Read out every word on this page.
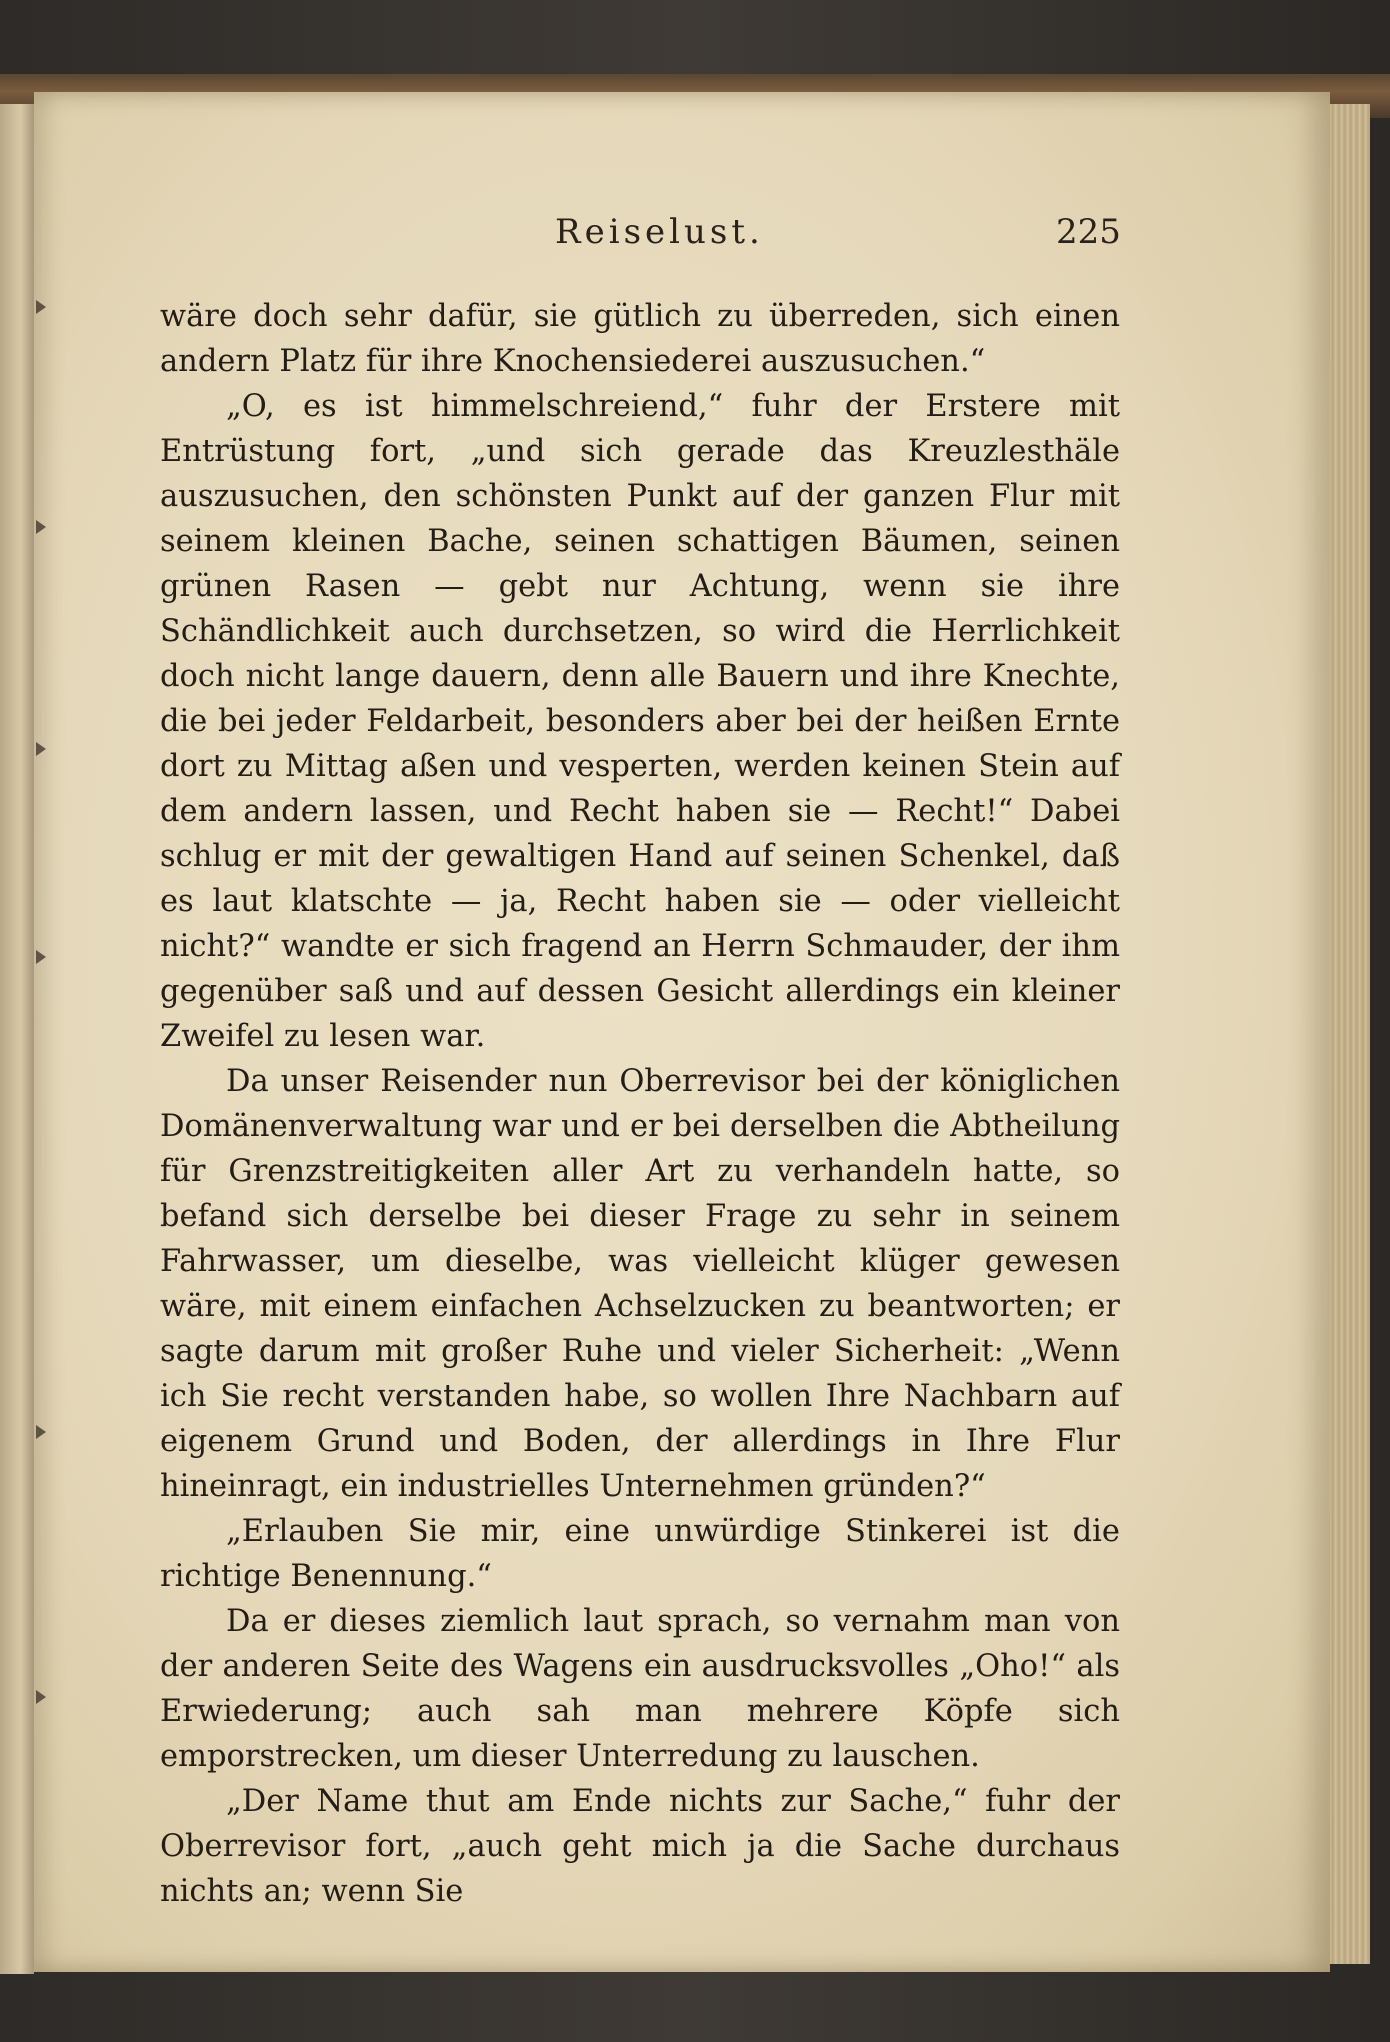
Reiselust.	225

wäre doch sehr dafür, sie gütlich zu überreden, sich einen andern Platz für ihre Knochensiederei auszusuchen.“

„O, es ist himmelschreiend,“ fuhr der Erstere mit Entrüstung fort, „und sich gerade das Kreuzlesthäle auszusuchen, den schönsten Punkt auf der ganzen Flur mit seinem kleinen Bache, seinen schattigen Bäumen, seinen grünen Rasen — gebt nur Achtung, wenn sie ihre Schändlichkeit auch durchsetzen, so wird die Herrlichkeit doch nicht lange dauern, denn alle Bauern und ihre Knechte, die bei jeder Feldarbeit, besonders aber bei der heißen Ernte dort zu Mittag aßen und vesperten, werden keinen Stein auf dem andern lassen, und Recht haben sie — Recht!“ Dabei schlug er mit der gewaltigen Hand auf seinen Schenkel, daß es laut klatschte — ja, Recht haben sie — oder vielleicht nicht?“ wandte er sich fragend an Herrn Schmauder, der ihm gegenüber saß und auf dessen Gesicht allerdings ein kleiner Zweifel zu lesen war.

Da unser Reisender nun Oberrevisor bei der königlichen Domänenverwaltung war und er bei derselben die Abtheilung für Grenzstreitigkeiten aller Art zu verhandeln hatte, so befand sich derselbe bei dieser Frage zu sehr in seinem Fahrwasser, um dieselbe, was vielleicht klüger gewesen wäre, mit einem einfachen Achselzucken zu beantworten; er sagte darum mit großer Ruhe und vieler Sicherheit: „Wenn ich Sie recht verstanden habe, so wollen Ihre Nachbarn auf eigenem Grund und Boden, der allerdings in Ihre Flur hineinragt, ein industrielles Unternehmen gründen?“

„Erlauben Sie mir, eine unwürdige Stinkerei ist die richtige Benennung.“

Da er dieses ziemlich laut sprach, so vernahm man von der anderen Seite des Wagens ein ausdrucksvolles „Oho!“ als Erwiederung; auch sah man mehrere Köpfe sich emporstrecken, um dieser Unterredung zu lauschen.

„Der Name thut am Ende nichts zur Sache,“ fuhr der Oberrevisor fort, „auch geht mich ja die Sache durchaus nichts an; wenn Sie
